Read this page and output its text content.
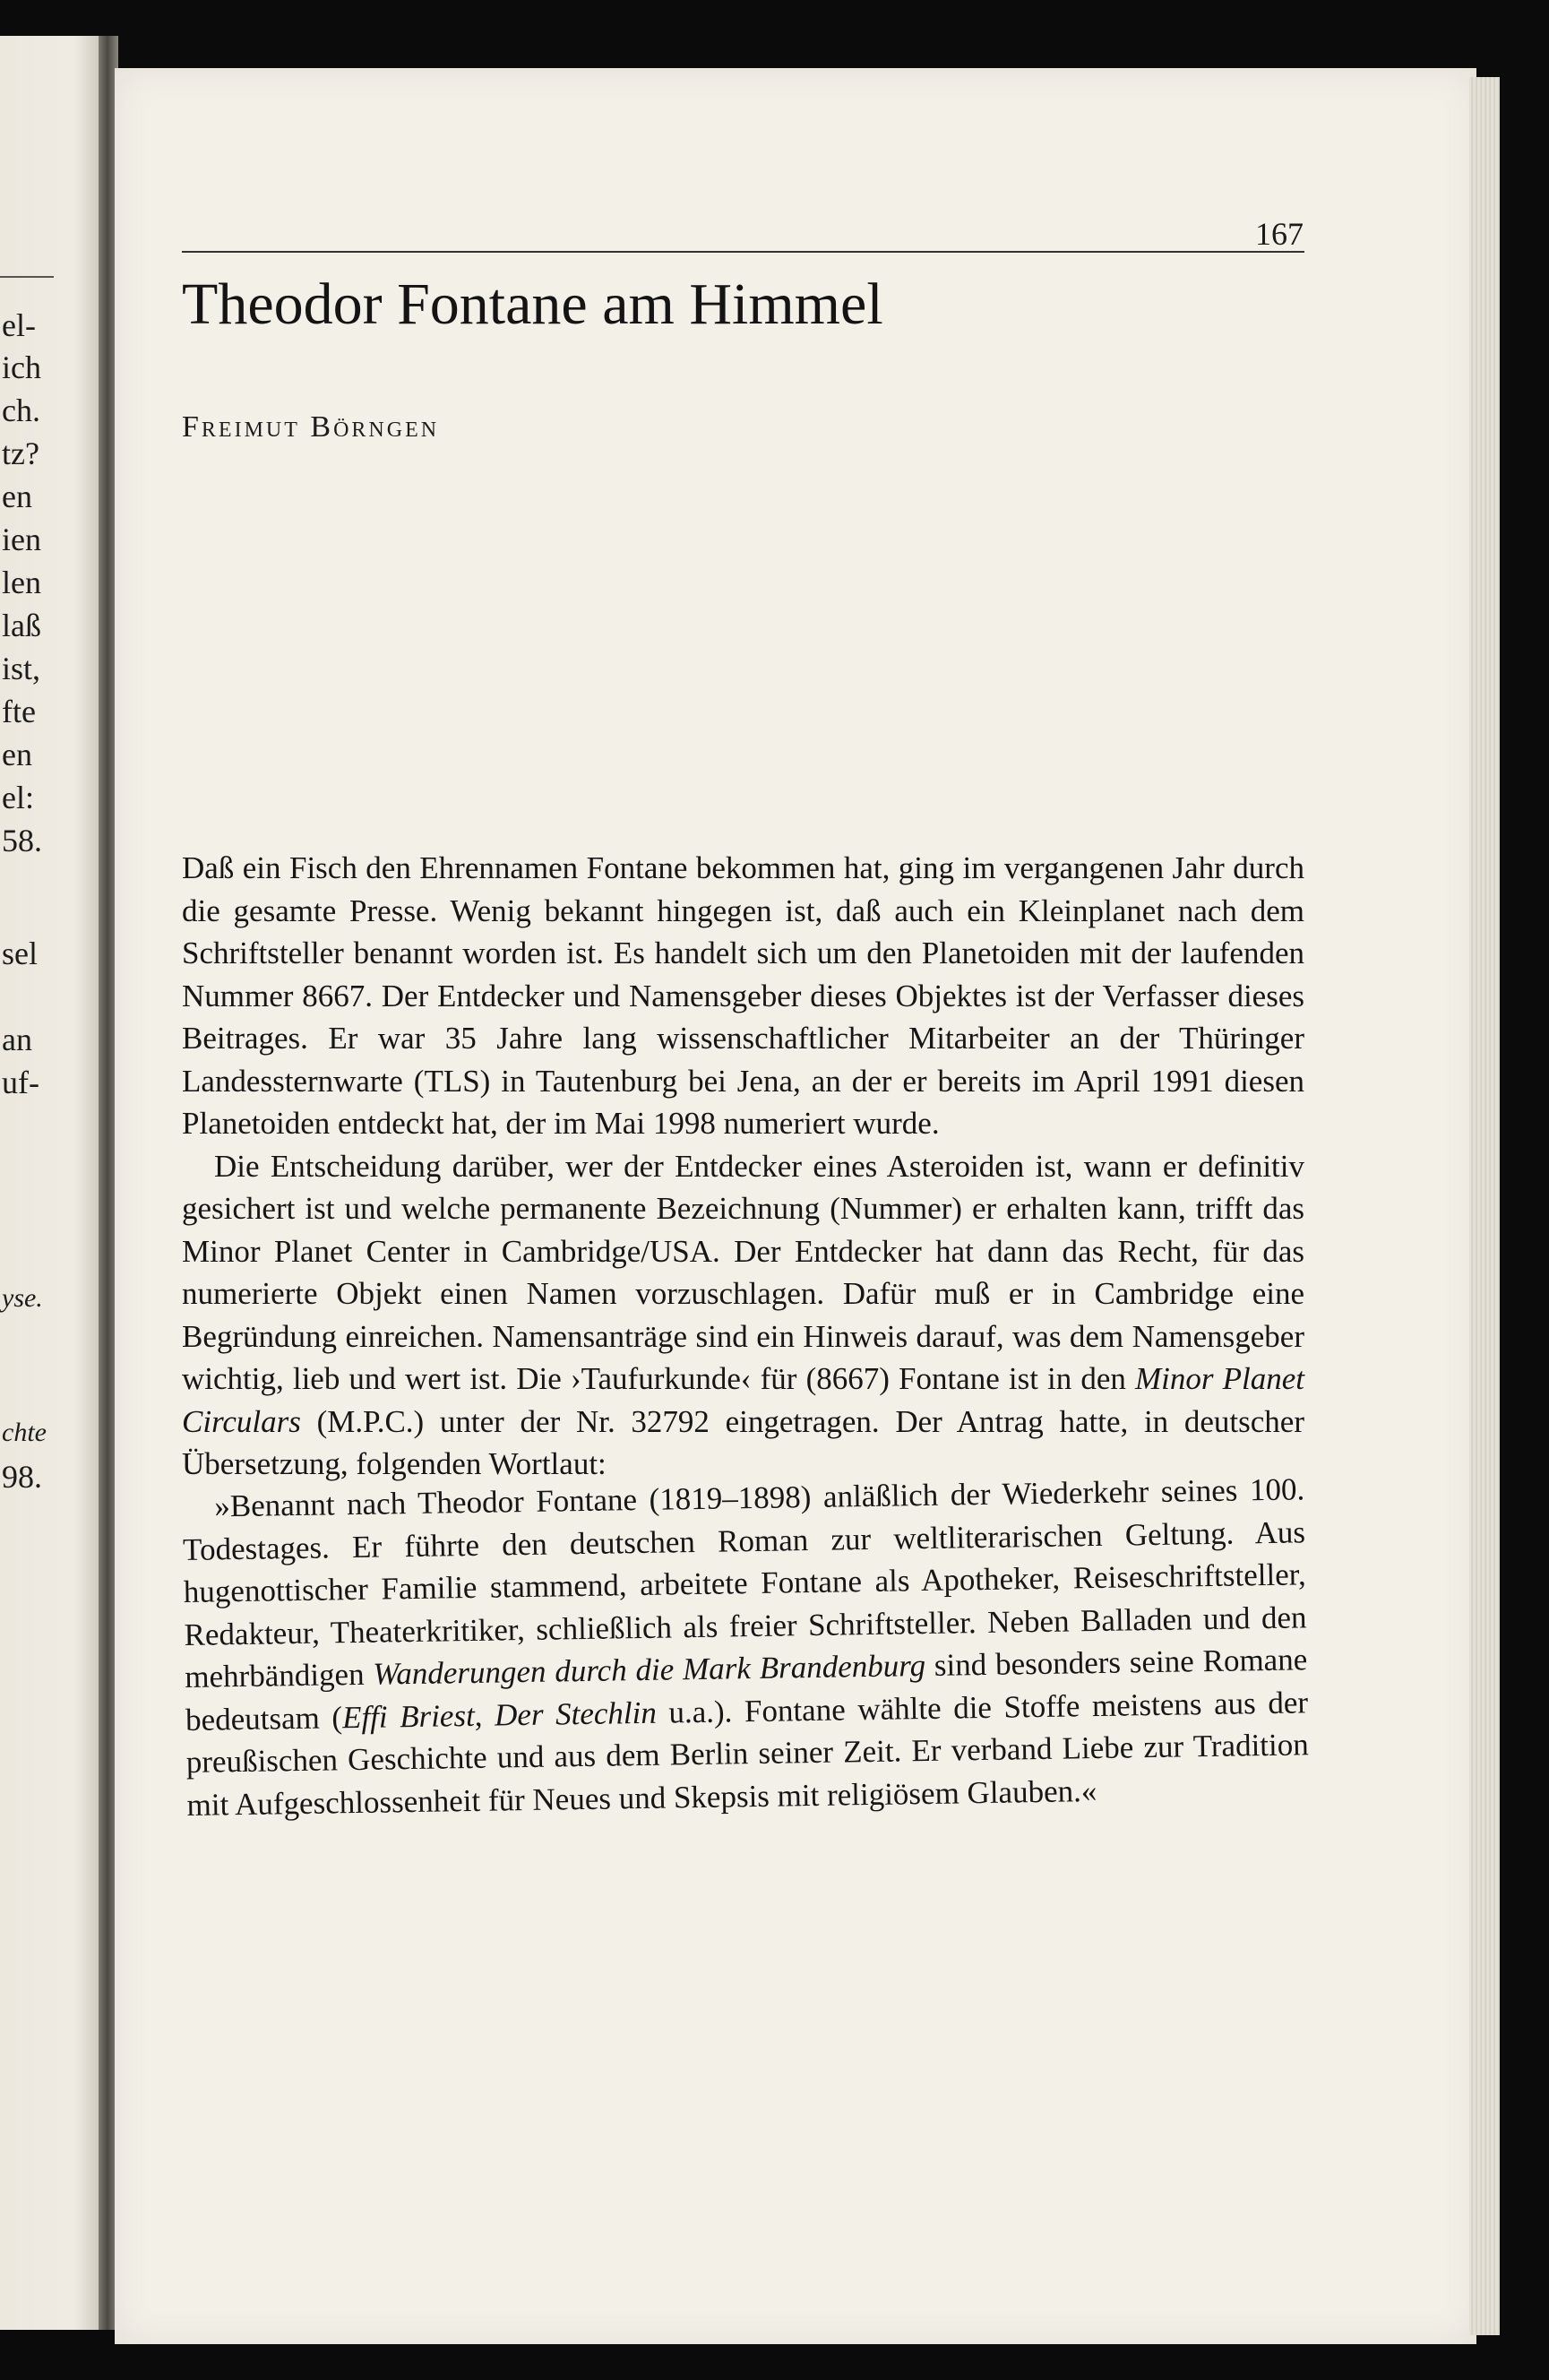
el-
ich
ch.
tz?
en
ien
len
laß
ist,
fte
en
el:
58.
sel
an
uf-
yse.
chte
98.
167
Theodor Fontane am Himmel
Freimut Börngen

Daß ein Fisch den Ehrennamen Fontane bekommen hat, ging im vergangenen Jahr durch die gesamte Presse. Wenig bekannt hingegen ist, daß auch ein Kleinplanet nach dem Schriftsteller benannt worden ist. Es handelt sich um den Planetoiden mit der laufenden Nummer 8667. Der Entdecker und Namensgeber dieses Objektes ist der Verfasser dieses Beitrages. Er war 35 Jahre lang wissenschaftlicher Mitarbeiter an der Thüringer Landessternwarte (TLS) in Tautenburg bei Jena, an der er bereits im April 1991 diesen Planetoiden entdeckt hat, der im Mai 1998 numeriert wurde.

Die Entscheidung darüber, wer der Entdecker eines Asteroiden ist, wann er definitiv gesichert ist und welche permanente Bezeichnung (Nummer) er erhalten kann, trifft das Minor Planet Center in Cambridge/USA. Der Entdecker hat dann das Recht, für das numerierte Objekt einen Namen vorzuschlagen. Dafür muß er in Cambridge eine Begründung einreichen. Namensanträge sind ein Hinweis darauf, was dem Namensgeber wichtig, lieb und wert ist. Die ›Taufurkunde‹ für (8667) Fontane ist in den Minor Planet Circulars (M.P.C.) unter der Nr. 32792 eingetragen. Der Antrag hatte, in deutscher Übersetzung, folgenden Wortlaut:

»Benannt nach Theodor Fontane (1819–1898) anläßlich der Wiederkehr seines 100. Todestages. Er führte den deutschen Roman zur weltliterarischen Geltung. Aus hugenottischer Familie stammend, arbeitete Fontane als Apotheker, Reiseschriftsteller, Redakteur, Theaterkritiker, schließlich als freier Schriftsteller. Neben Balladen und den mehrbändigen Wanderungen durch die Mark Brandenburg sind besonders seine Romane bedeutsam (Effi Briest, Der Stechlin u.a.). Fontane wählte die Stoffe meistens aus der preußischen Geschichte und aus dem Berlin seiner Zeit. Er verband Liebe zur Tradition mit Aufgeschlossenheit für Neues und Skepsis mit religiösem Glauben.«
